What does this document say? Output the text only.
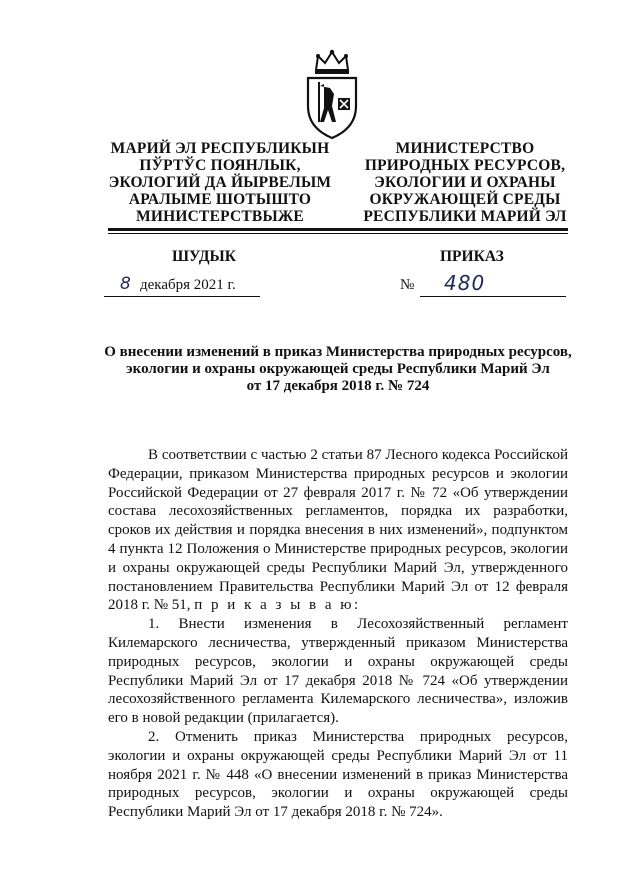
МАРИЙ ЭЛ РЕСПУБЛИКЫН
ПЎРТЎС ПОЯНЛЫК,
ЭКОЛОГИЙ ДА ЙЫРВЕЛЫМ
АРАЛЫМЕ ШОТЫШТО
МИНИСТЕРСТВЫЖЕ
МИНИСТЕРСТВО
ПРИРОДНЫХ РЕСУРСОВ,
ЭКОЛОГИИ И ОХРАНЫ
ОКРУЖАЮЩЕЙ СРЕДЫ
РЕСПУБЛИКИ МАРИЙ ЭЛ
ШУДЫК	ПРИКАЗ
8 декабря 2021 г.	№ 480
О внесении изменений в приказ Министерства природных ресурсов,
экологии и охраны окружающей среды Республики Марий Эл
от 17 декабря 2018 г. № 724

В соответствии с частью 2 статьи 87 Лесного кодекса Российской Федерации, приказом Министерства природных ресурсов и экологии Российской Федерации от 27 февраля 2017 г. № 72 «Об утверждении состава лесохозяйственных регламентов, порядка их разработки, сроков их действия и порядка внесения в них изменений», подпунктом 4 пункта 12 Положения о Министерстве природных ресурсов, экологии и охраны окружающей среды Республики Марий Эл, утвержденного постановлением Правительства Республики Марий Эл от 12 февраля 2018 г. № 51, п р и к а з ы в а ю:

1. Внести изменения в Лесохозяйственный регламент Килемарского лесничества, утвержденный приказом Министерства природных ресурсов, экологии и охраны окружающей среды Республики Марий Эл от 17 декабря 2018 № 724 «Об утверждении лесохозяйственного регламента Килемарского лесничества», изложив его в новой редакции (прилагается).

2. Отменить приказ Министерства природных ресурсов, экологии и охраны окружающей среды Республики Марий Эл от 11 ноября 2021 г. № 448 «О внесении изменений в приказ Министерства природных ресурсов, экологии и охраны окружающей среды Республики Марий Эл от 17 декабря 2018 г. № 724».
